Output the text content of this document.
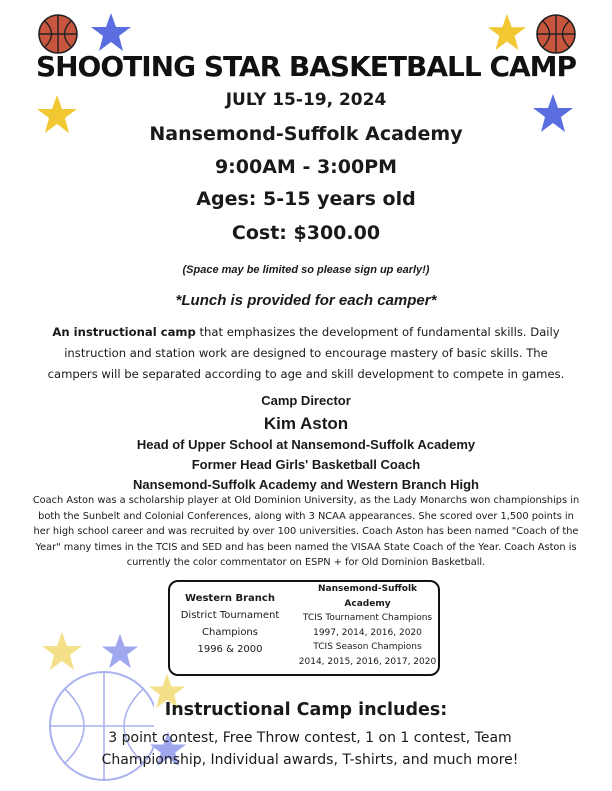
SHOOTING STAR BASKETBALL CAMP
JULY 15-19, 2024
Nansemond-Suffolk Academy
9:00AM - 3:00PM
Ages: 5-15 years old
Cost: $300.00
(Space may be limited so please sign up early!)
*Lunch is provided for each camper*
An instructional camp that emphasizes the development of fundamental skills. Daily instruction and station work are designed to encourage mastery of basic skills. The campers will be separated according to age and skill development to compete in games.
Camp Director
Kim Aston
Head of Upper School at Nansemond-Suffolk Academy
Former Head Girls' Basketball Coach
Nansemond-Suffolk Academy and Western Branch High
Coach Aston was a scholarship player at Old Dominion University, as the Lady Monarchs won championships in both the Sunbelt and Colonial Conferences, along with 3 NCAA appearances. She scored over 1,500 points in her high school career and was recruited by over 100 universities. Coach Aston has been named "Coach of the Year" many times in the TCIS and SED and has been named the VISAA State Coach of the Year. Coach Aston is currently the color commentator on ESPN + for Old Dominion Basketball.
Western Branch
District Tournament
Champions
1996 & 2000
Nansemond-Suffolk Academy
TCIS Tournament Champions
1997, 2014, 2016, 2020
TCIS Season Champions
2014, 2015, 2016, 2017, 2020
Instructional Camp includes:
3 point contest, Free Throw contest, 1 on 1 contest, Team Championship, Individual awards, T-shirts, and much more!
